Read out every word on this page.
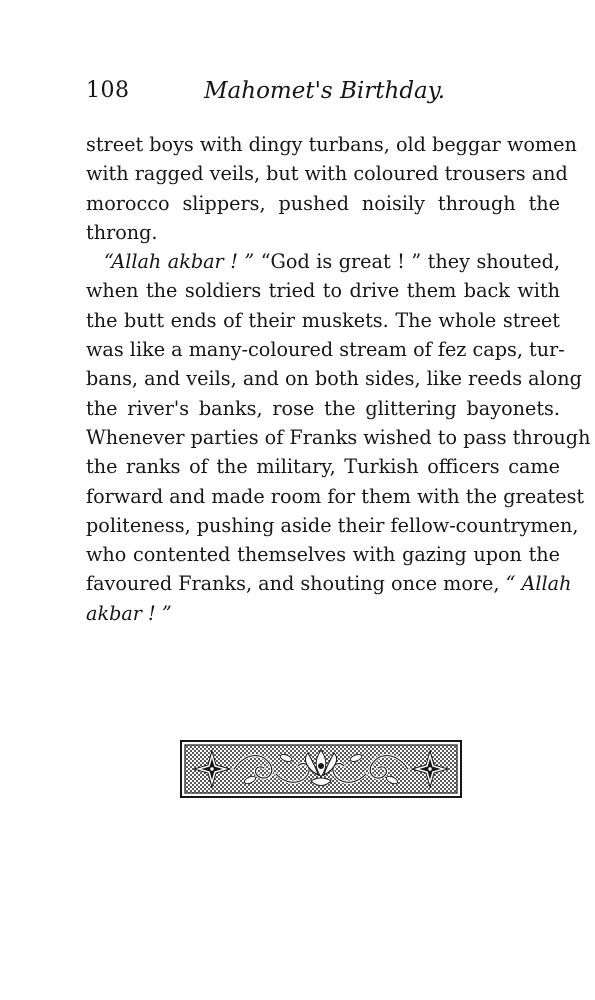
108	Mahomet's Birthday.
street boys with dingy turbans, old beggar women
with ragged veils, but with coloured trousers and
morocco slippers, pushed noisily through the
throng.
“Allah akbar ! ” “God is great ! ” they shouted,
when the soldiers tried to drive them back with
the butt ends of their muskets. The whole street
was like a many-coloured stream of fez caps, tur-
bans, and veils, and on both sides, like reeds along
the river's banks, rose the glittering bayonets.
Whenever parties of Franks wished to pass through
the ranks of the military, Turkish officers came
forward and made room for them with the greatest
politeness, pushing aside their fellow-countrymen,
who contented themselves with gazing upon the
favoured Franks, and shouting once more, “ Allah
akbar ! ”
